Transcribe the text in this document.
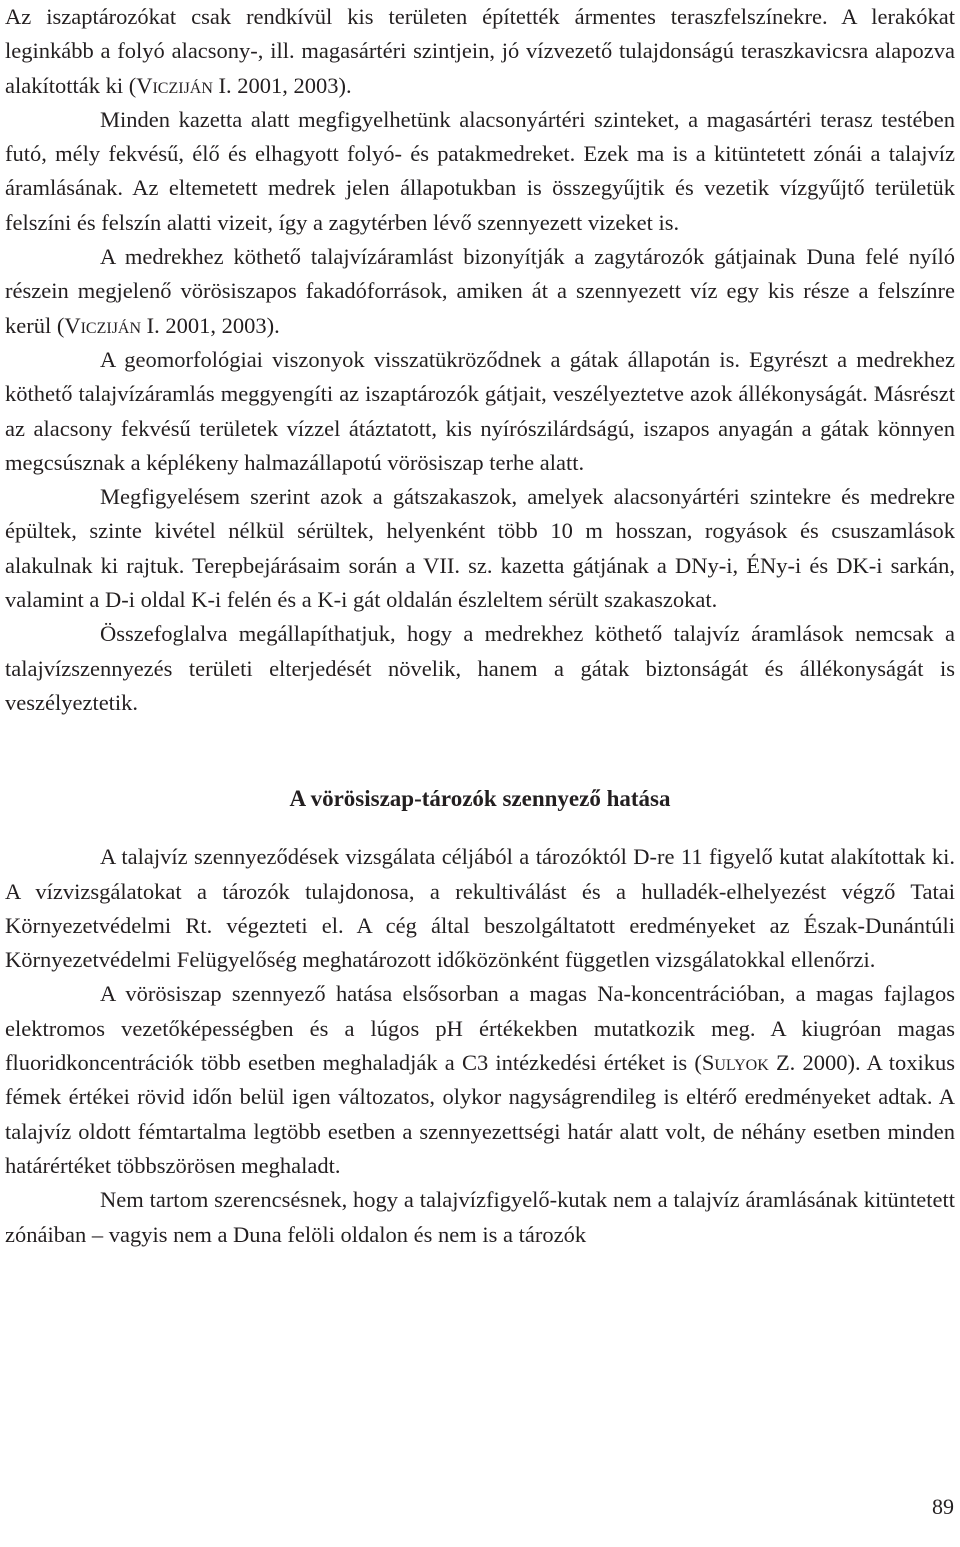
Az iszaptározókat csak rendkívül kis területen építették ármentes teraszfelszínekre. A lerakókat leginkább a folyó alacsony-, ill. magasártéri szintjein, jó vízvezető tulajdonságú teraszkavicsra alapozva alakították ki (Vicziján I. 2001, 2003).

Minden kazetta alatt megfigyelhetünk alacsonyártéri szinteket, a magasártéri terasz testében futó, mély fekvésű, élő és elhagyott folyó- és patakmedreket. Ezek ma is a kitüntetett zónái a talajvíz áramlásának. Az eltemetett medrek jelen állapotukban is összegyűjtik és vezetik vízgyűjtő területük felszíni és felszín alatti vizeit, így a zagytérben lévő szennyezett vizeket is.

A medrekhez köthető talajvízáramlást bizonyítják a zagytározók gátjainak Duna felé nyíló részein megjelenő vörösiszapos fakadóforrások, amiken át a szennyezett víz egy kis része a felszínre kerül (Vicziján I. 2001, 2003).

A geomorfológiai viszonyok visszatükröződnek a gátak állapotán is. Egyrészt a medrekhez köthető talajvízáramlás meggyengíti az iszaptározók gátjait, veszélyeztetve azok állékonyságát. Másrészt az alacsony fekvésű területek vízzel átáztatott, kis nyírószilárdságú, iszapos anyagán a gátak könnyen megcsúsznak a képlékeny halmazállapotú vörösiszap terhe alatt.

Megfigyelésem szerint azok a gátszakaszok, amelyek alacsonyártéri szintekre és medrekre épültek, szinte kivétel nélkül sérültek, helyenként több 10 m hosszan, rogyások és csuszamlások alakulnak ki rajtuk. Terepbejárásaim során a VII. sz. kazetta gátjának a DNy-i, ÉNy-i és DK-i sarkán, valamint a D-i oldal K-i felén és a K-i gát oldalán észleltem sérült szakaszokat.

Összefoglalva megállapíthatjuk, hogy a medrekhez köthető talajvíz áramlások nemcsak a talajvízszennyezés területi elterjedését növelik, hanem a gátak biztonságát és állékonyságát is veszélyeztetik.

A vörösiszap-tározók szennyező hatása

A talajvíz szennyeződések vizsgálata céljából a tározóktól D-re 11 figyelő kutat alakítottak ki. A vízvizsgálatokat a tározók tulajdonosa, a rekultiválást és a hulladék-elhelyezést végző Tatai Környezetvédelmi Rt. végezteti el. A cég által beszolgáltatott eredményeket az Észak-Dunántúli Környezetvédelmi Felügyelőség meghatározott időközönként független vizsgálatokkal ellenőrzi.

A vörösiszap szennyező hatása elsősorban a magas Na-koncentrációban, a magas fajlagos elektromos vezetőképességben és a lúgos pH értékekben mutatkozik meg. A kiugróan magas fluoridkoncentrációk több esetben meghaladják a C3 intézkedési értéket is (Sulyok Z. 2000). A toxikus fémek értékei rövid időn belül igen változatos, olykor nagyságrendileg is eltérő eredményeket adtak. A talajvíz oldott fémtartalma legtöbb esetben a szennyezettségi határ alatt volt, de néhány esetben minden határértéket többszörösen meghaladt.

Nem tartom szerencsésnek, hogy a talajvízfigyelő-kutak nem a talajvíz áramlásának kitüntetett zónáiban – vagyis nem a Duna felöli oldalon és nem is a tározók

89
